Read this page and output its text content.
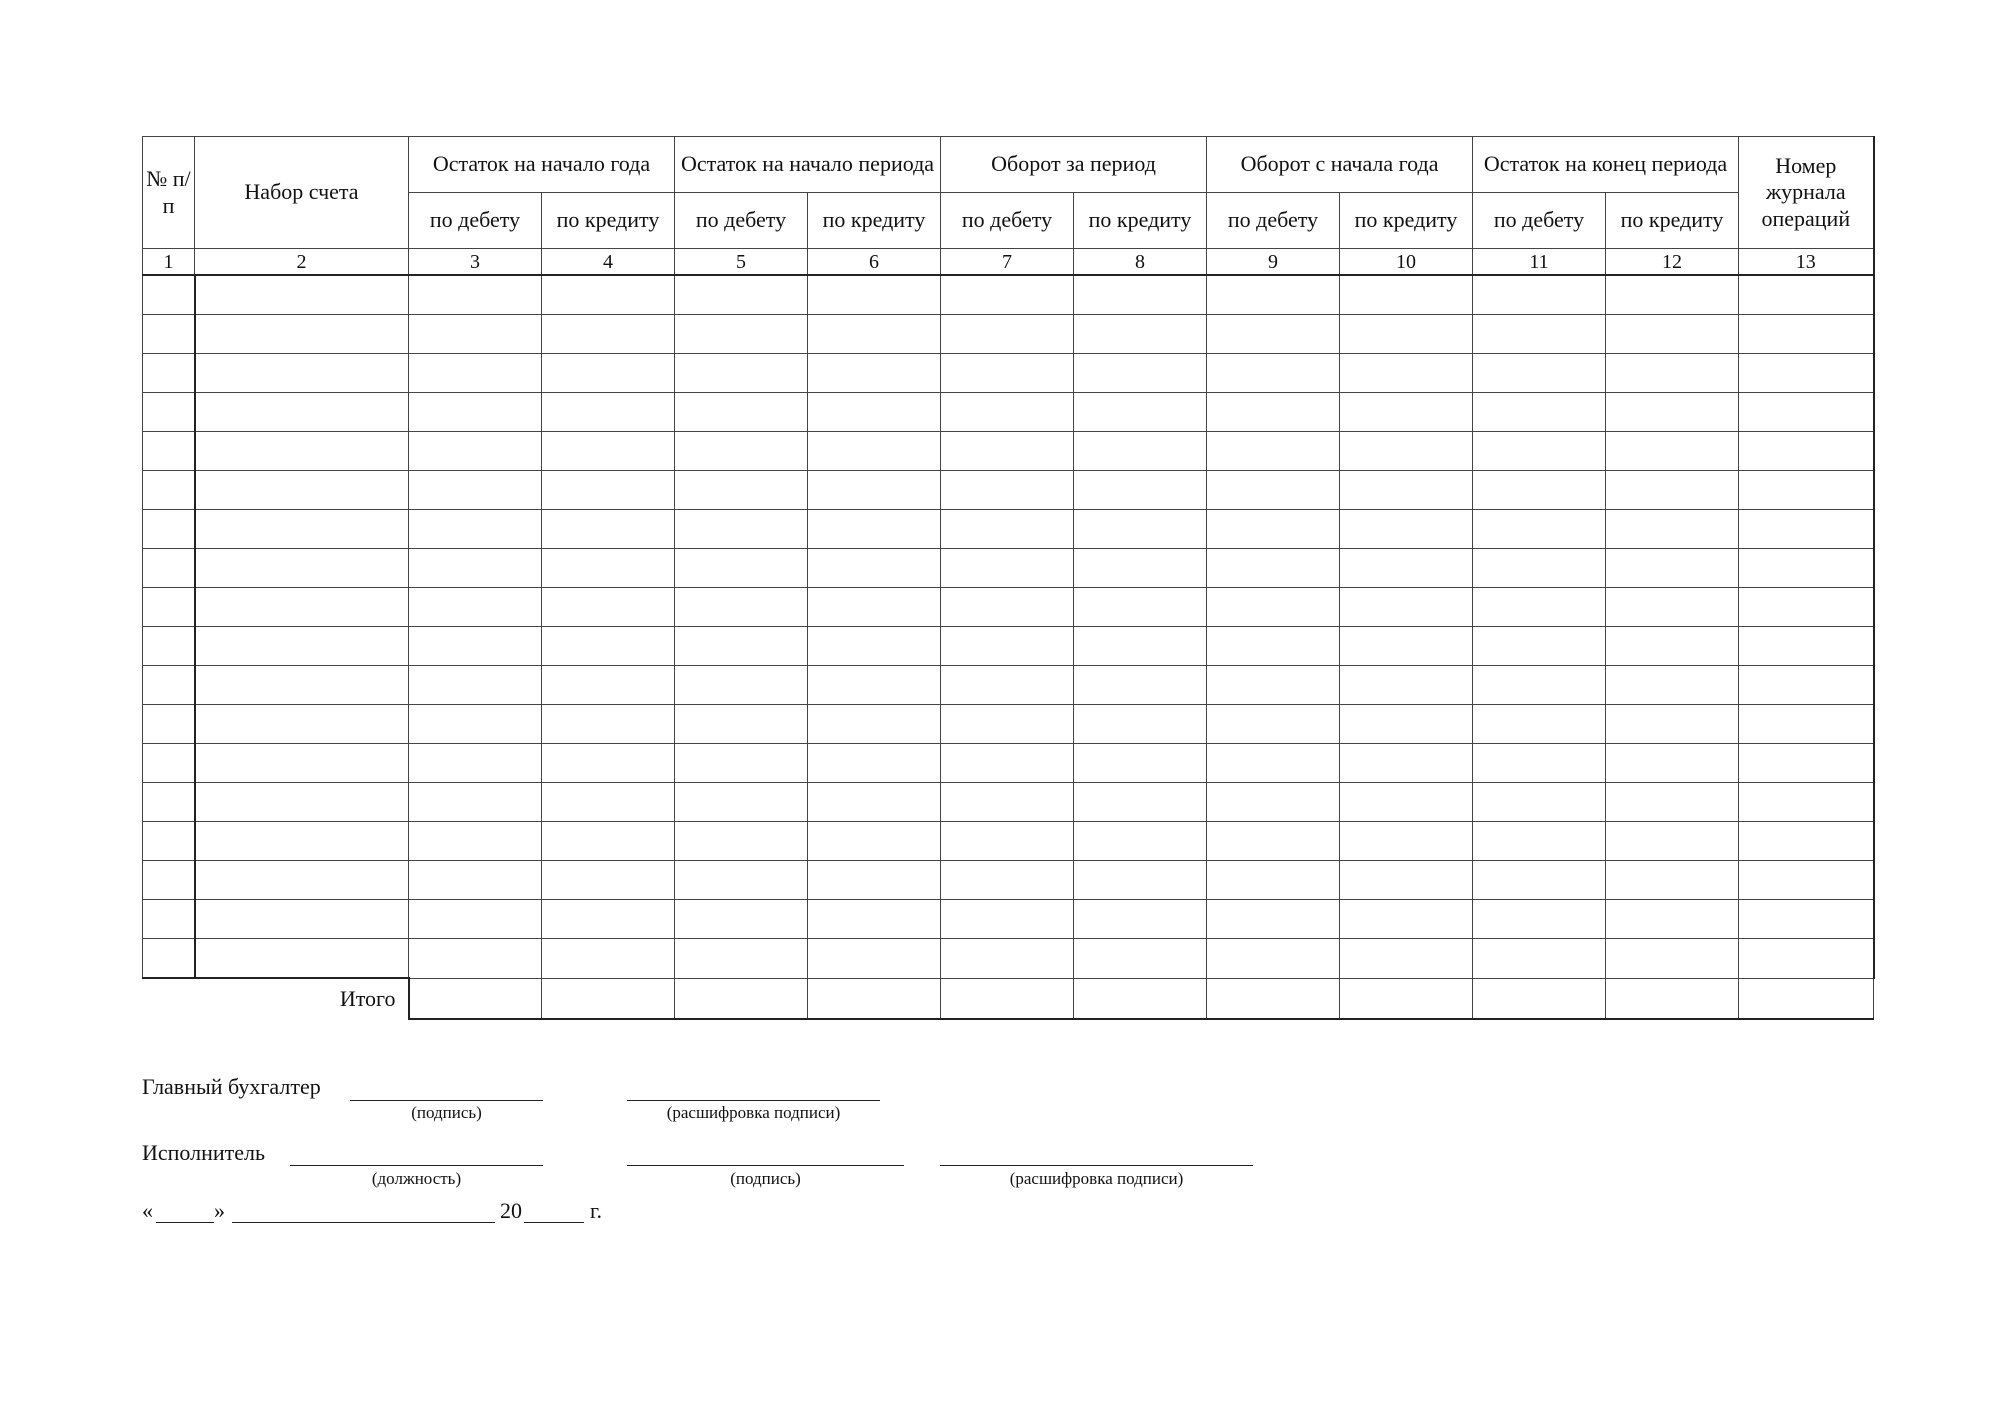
№ п/п	Набор счета	Остаток на начало года		Остаток на начало периода		Оборот за период		Оборот с начала года		Остаток на конец периода		Номер журнала операций
		по дебету	по кредиту	по дебету	по кредиту	по дебету	по кредиту	по дебету	по кредиту	по дебету	по кредиту	
1	2	3	4	5	6	7	8	9	10	11	12	13

Итого												
Главный бухгалтер
(подпись)	(расшифровка подписи)
Исполнитель
(должность)	(подпись)	(расшифровка подписи)
«	»	20	г.
